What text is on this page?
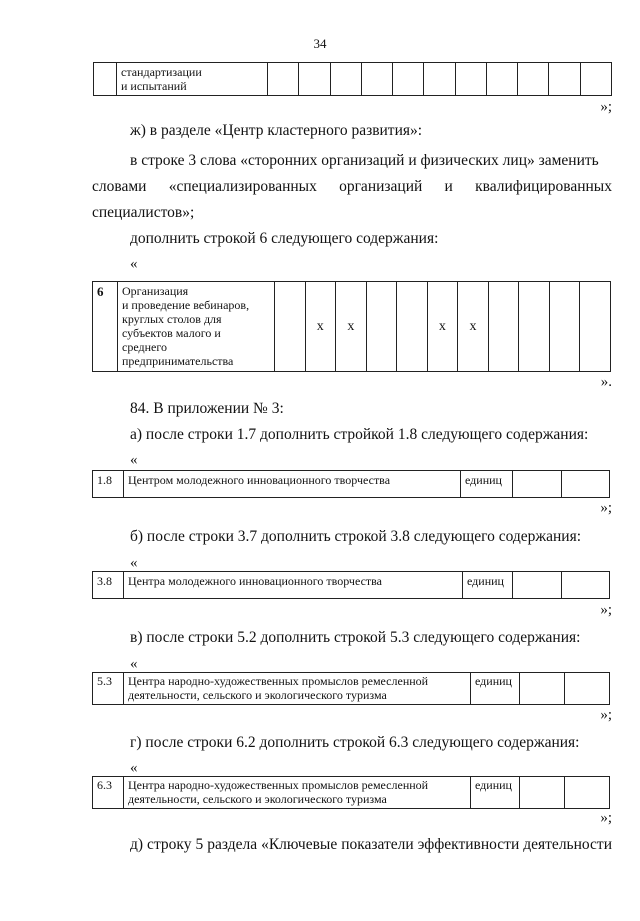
34
	стандартизации
и испытаний											
»;
ж) в разделе «Центр кластерного развития»:
в строке 3 слова «сторонних организаций и физических лиц» заменить
словами «специализированных организаций и квалифицированных
специалистов»;
дополнить строкой 6 следующего содержания:
«
6	Организация
и проведение вебинаров,
круглых столов для
субъектов малого и
среднего
предпринимательства		х	х			х	х				
».
84. В приложении № 3:
а) после строки 1.7 дополнить стройкой 1.8 следующего содержания:
«
1.8	Центром молодежного инновационного творчества	единиц		
»;
б) после строки 3.7 дополнить строкой 3.8 следующего содержания:
«
3.8	Центра молодежного инновационного творчества	единиц		
»;
в) после строки 5.2 дополнить строкой 5.3 следующего содержания:
«
5.3	Центра народно-художественных промыслов ремесленной
деятельности, сельского и экологического туризма	единиц		
»;
г) после строки 6.2 дополнить строкой 6.3 следующего содержания:
«
6.3	Центра народно-художественных промыслов ремесленной
деятельности, сельского и экологического туризма	единиц		
»;
д) строку 5 раздела «Ключевые показатели эффективности деятельности
